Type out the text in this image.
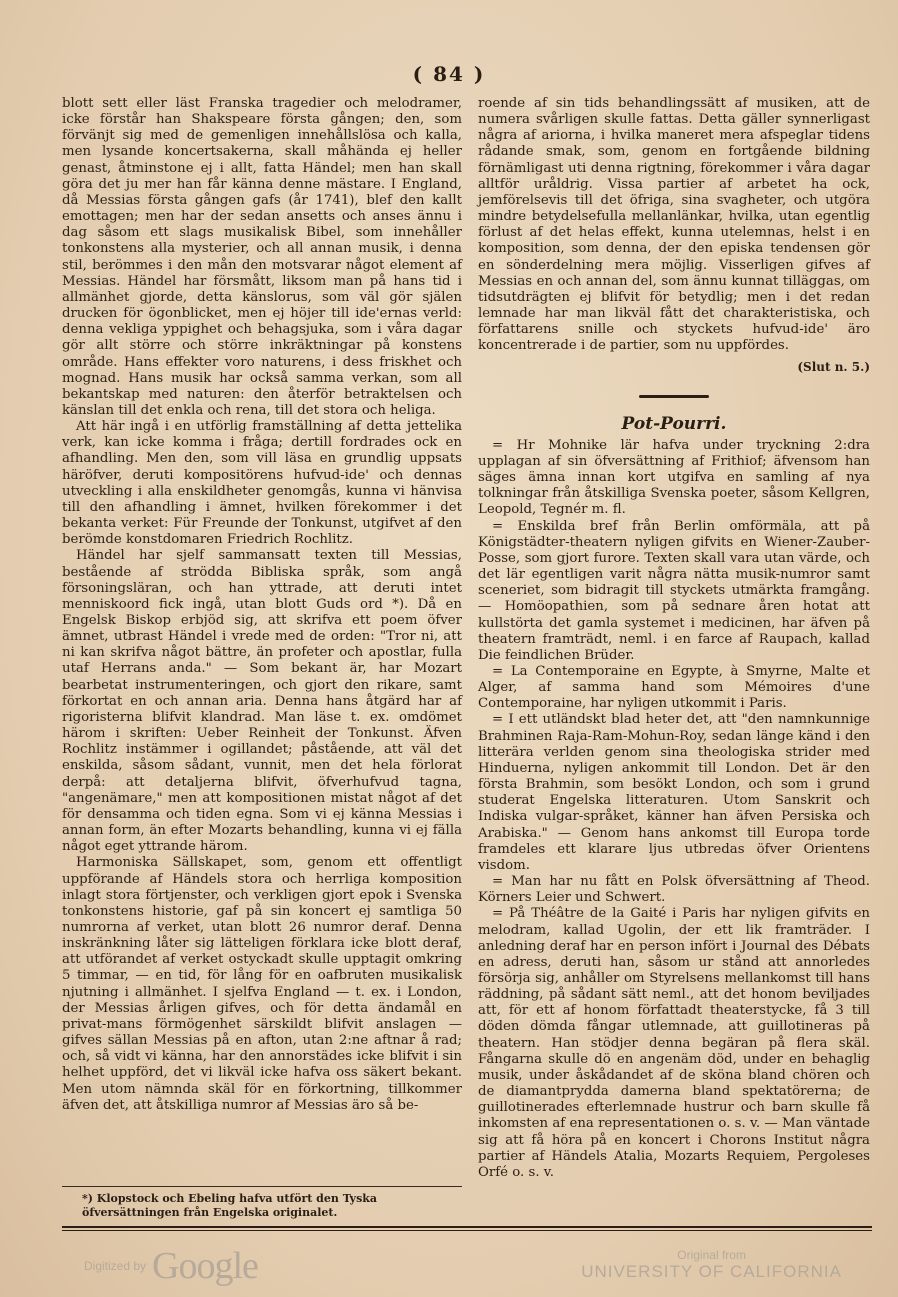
( 84 )

blott sett eller läst Franska tragedier och melodramer, icke förstår han Shakspeare första gången; den, som förvänjt sig med de gemenligen innehållslösa och kalla, men lysande koncertsakerna, skall måhända ej heller genast, åtminstone ej i allt, fatta Händel; men han skall göra det ju mer han får känna denne mästare. I England, då Messias första gången gafs (år 1741), blef den kallt emottagen; men har der sedan ansetts och anses ännu i dag såsom ett slags musikalisk Bibel, som innehåller tonkonstens alla mysterier, och all annan musik, i denna stil, berömmes i den mån den motsvarar något element af Messias. Händel har försmått, liksom man på hans tid i allmänhet gjorde, detta känslorus, som väl gör själen drucken för ögonblicket, men ej höjer till ide'ernas verld: denna vekliga yppighet och behagsjuka, som i våra dagar gör allt större och större inkräktningar på konstens område. Hans effekter voro naturens, i dess friskhet och mognad. Hans musik har också samma verkan, som all bekantskap med naturen: den återför betraktelsen och känslan till det enkla och rena, till det stora och heliga.

Att här ingå i en utförlig framställning af detta jettelika verk, kan icke komma i fråga; dertill fordrades ock en afhandling. Men den, som vill läsa en grundlig uppsats häröfver, deruti kompositörens hufvud-ide' och dennas utveckling i alla enskildheter genomgås, kunna vi hänvisa till den afhandling i ämnet, hvilken förekommer i det bekanta verket: Für Freunde der Tonkunst, utgifvet af den berömde konstdomaren Friedrich Rochlitz.

Händel har sjelf sammansatt texten till Messias, bestående af strödda Bibliska språk, som angå försoningsläran, och han yttrade, att deruti intet menniskoord fick ingå, utan blott Guds ord *). Då en Engelsk Biskop erbjöd sig, att skrifva ett poem öfver ämnet, utbrast Händel i vrede med de orden: "Tror ni, att ni kan skrifva något bättre, än profeter och apostlar, fulla utaf Herrans anda." — Som bekant är, har Mozart bearbetat instrumenteringen, och gjort den rikare, samt förkortat en och annan aria. Denna hans åtgärd har af rigoristerna blifvit klandrad. Man läse t. ex. omdömet härom i skriften: Ueber Reinheit der Tonkunst. Äfven Rochlitz instämmer i ogillandet; påstående, att väl det enskilda, såsom sådant, vunnit, men det hela förlorat derpå: att detaljerna blifvit, öfverhufvud tagna, "angenämare," men att kompositionen mistat något af det för densamma och tiden egna. Som vi ej känna Messias i annan form, än efter Mozarts behandling, kunna vi ej fälla något eget yttrande härom.

Harmoniska Sällskapet, som, genom ett offentligt uppförande af Händels stora och herrliga komposition inlagt stora förtjenster, och verkligen gjort epok i Svenska tonkonstens historie, gaf på sin koncert ej samtliga 50 numrorna af verket, utan blott 26 numror deraf. Denna inskränkning låter sig lätteligen förklara icke blott deraf, att utförandet af verket ostyckadt skulle upptagit omkring 5 timmar, — en tid, för lång för en oafbruten musikalisk njutning i allmänhet. I sjelfva England — t. ex. i London, der Messias årligen gifves, och för detta ändamål en privat-mans förmögenhet särskildt blifvit anslagen — gifves sällan Messias på en afton, utan 2:ne aftnar å rad; och, så vidt vi känna, har den annorstädes icke blifvit i sin helhet uppförd, det vi likväl icke hafva oss säkert bekant. Men utom nämnda skäl för en förkortning, tillkommer äfven det, att åtskilliga numror af Messias äro så be-

*) Klopstock och Ebeling hafva utfört den Tyska öfversättningen från Engelska originalet.

roende af sin tids behandlingssätt af musiken, att de numera svårligen skulle fattas. Detta gäller synnerligast några af ariorna, i hvilka maneret mera afspeglar tidens rådande smak, som, genom en fortgående bildning förnämligast uti denna rigtning, förekommer i våra dagar alltför uråldrig. Vissa partier af arbetet ha ock, jemförelsevis till det öfriga, sina svagheter, och utgöra mindre betydelsefulla mellanlänkar, hvilka, utan egentlig förlust af det helas effekt, kunna utelemnas, helst i en komposition, som denna, der den episka tendensen gör en sönderdelning mera möjlig. Visserligen gifves af Messias en och annan del, som ännu kunnat tilläggas, om tidsutdrägten ej blifvit för betydlig; men i det redan lemnade har man likväl fått det charakteristiska, och författarens snille och styckets hufvud-ide' äro koncentrerade i de partier, som nu uppfördes.

(Slut n. 5.)
Pot-Pourri.

= Hr Mohnike lär hafva under tryckning 2:dra upplagan af sin öfversättning af Frithiof; äfvensom han säges ämna innan kort utgifva en samling af nya tolkningar från åtskilliga Svenska poeter, såsom Kellgren, Leopold, Tegnér m. fl.

= Enskilda bref från Berlin omförmäla, att på Königstädter-theatern nyligen gifvits en Wiener-Zauber-Posse, som gjort furore. Texten skall vara utan värde, och det lär egentligen varit några nätta musik-numror samt sceneriet, som bidragit till styckets utmärkta framgång. — Homöopathien, som på sednare åren hotat att kullstörta det gamla systemet i medicinen, har äfven på theatern framträdt, neml. i en farce af Raupach, kallad Die feindlichen Brüder.

= La Contemporaine en Egypte, à Smyrne, Malte et Alger, af samma hand som Mémoires d'une Contemporaine, har nyligen utkommit i Paris.

= I ett utländskt blad heter det, att "den namnkunnige Brahminen Raja-Ram-Mohun-Roy, sedan länge känd i den litterära verlden genom sina theologiska strider med Hinduerna, nyligen ankommit till London. Det är den första Brahmin, som besökt London, och som i grund studerat Engelska litteraturen. Utom Sanskrit och Indiska vulgar-språket, känner han äfven Persiska och Arabiska." — Genom hans ankomst till Europa torde framdeles ett klarare ljus utbredas öfver Orientens visdom.

= Man har nu fått en Polsk öfversättning af Theod. Körners Leier und Schwert.

= På Théâtre de la Gaité i Paris har nyligen gifvits en melodram, kallad Ugolin, der ett lik framträder. I anledning deraf har en person infört i Journal des Débats en adress, deruti han, såsom ur stånd att annorledes försörja sig, anhåller om Styrelsens mellankomst till hans räddning, på sådant sätt neml., att det honom beviljades att, för ett af honom författadt theaterstycke, få 3 till döden dömda fångar utlemnade, att guillotineras på theatern. Han stödjer denna begäran på flera skäl. Fångarna skulle dö en angenäm död, under en behaglig musik, under åskådandet af de sköna bland chören och de diamantprydda damerna bland spektatörerna; de guillotinerades efterlemnade hustrur och barn skulle få inkomsten af ena representationen o. s. v. — Man väntade sig att få höra på en koncert i Chorons Institut några partier af Händels Atalia, Mozarts Requiem, Pergoleses Orfé o. s. v.

Digitized by Google	Original from
UNIVERSITY OF CALIFORNIA
